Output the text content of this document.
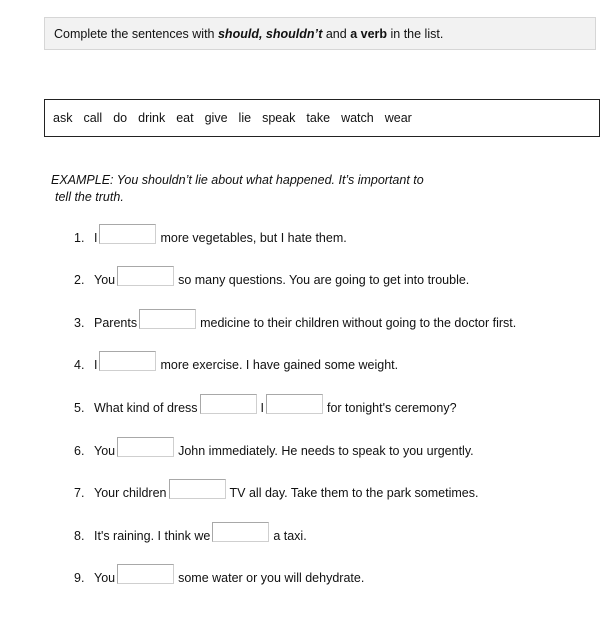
Complete the sentences with should, shouldn’t and a verb in the list.
ask call do drink eat give lie speak take watch wear
EXAMPLE: You shouldn’t lie about what happened. It’s important to
tell the truth.
1. I	more vegetables, but I hate them.
2. You	so many questions. You are going to get into trouble.
3. Parents	medicine to their children without going to the doctor first.
4. I	more exercise. I have gained some weight.
5. What kind of dress	I	for tonight's ceremony?
6. You	John immediately. He needs to speak to you urgently.
7. Your children	TV all day. Take them to the park sometimes.
8. It's raining. I think we	a taxi.
9. You	some water or you will dehydrate.
